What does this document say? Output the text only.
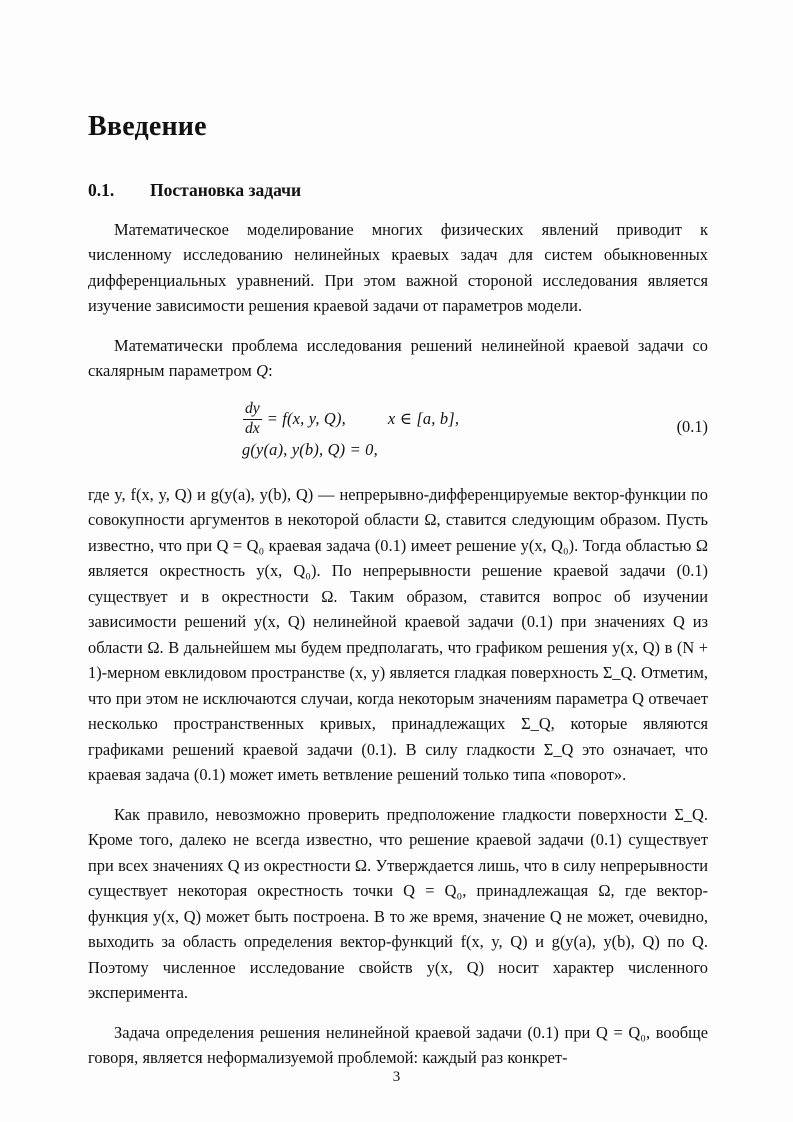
Введение
0.1. Постановка задачи

Математическое моделирование многих физических явлений приводит к численному исследованию нелинейных краевых задач для систем обыкновенных дифференциальных уравнений. При этом важной стороной исследования является изучение зависимости решения краевой задачи от параметров модели.

Математически проблема исследования решений нелинейной краевой задачи со скалярным параметром Q:

$\frac{dy}{dx} = f(x$, y, Q),	x ∈ [a, b],
g(y(a), y(b), Q) = 0,
(0.1)

где y, f(x, y, Q) и g(y(a), y(b), Q) — непрерывно-дифференцируемые вектор-функции по совокупности аргументов в некоторой области Ω, ставится следующим образом. Пусть известно, что при Q = Q₀ краевая задача (0.1) имеет решение y(x, Q₀). Тогда областью Ω является окрестность y(x, Q₀). По непрерывности решение краевой задачи (0.1) существует и в окрестности Ω. Таким образом, ставится вопрос об изучении зависимости решений y(x, Q) нелинейной краевой задачи (0.1) при значениях Q из области Ω. В дальнейшем мы будем предполагать, что графиком решения y(x, Q) в (N + 1)-мерном евклидовом пространстве (x, y) является гладкая поверхность Σ_Q. Отметим, что при этом не исключаются случаи, когда некоторым значениям параметра Q отвечает несколько пространственных кривых, принадлежащих Σ_Q, которые являются графиками решений краевой задачи (0.1). В силу гладкости Σ_Q это означает, что краевая задача (0.1) может иметь ветвление решений только типа «поворот».

Как правило, невозможно проверить предположение гладкости поверхности Σ_Q. Кроме того, далеко не всегда известно, что решение краевой задачи (0.1) существует при всех значениях Q из окрестности Ω. Утверждается лишь, что в силу непрерывности существует некоторая окрестность точки Q = Q₀, принадлежащая Ω, где вектор-функция y(x, Q) может быть построена. В то же время, значение Q не может, очевидно, выходить за область определения вектор-функций f(x, y, Q) и g(y(a), y(b), Q) по Q. Поэтому численное исследование свойств y(x, Q) носит характер численного эксперимента.

Задача определения решения нелинейной краевой задачи (0.1) при Q = Q₀, вообще говоря, является неформализуемой проблемой: каждый раз конкрет-

3
